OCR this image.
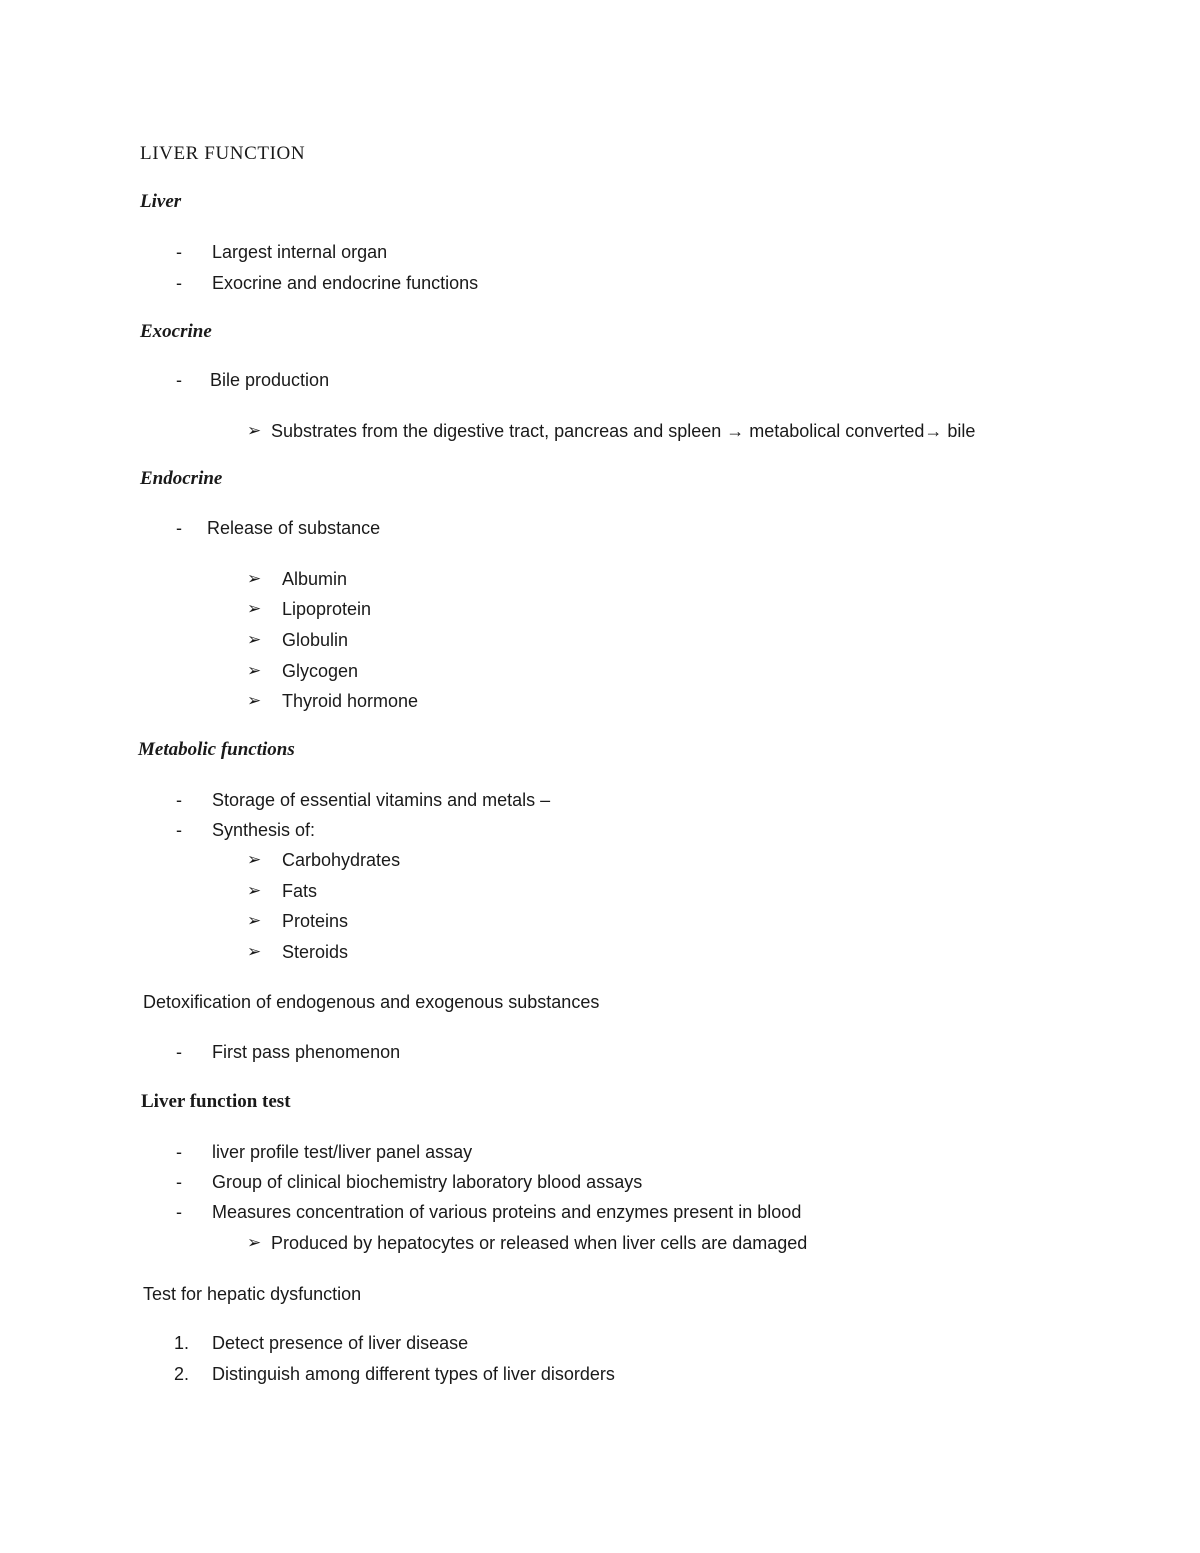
LIVER FUNCTION
Liver
- Largest internal organ
- Exocrine and endocrine functions
Exocrine
- Bile production
➢ Substrates from the digestive tract, pancreas and spleen → metabolical converted→ bile
Endocrine
- Release of substance
➢ Albumin
➢ Lipoprotein
➢ Globulin
➢ Glycogen
➢ Thyroid hormone
Metabolic functions
- Storage of essential vitamins and metals –
- Synthesis of:
➢ Carbohydrates
➢ Fats
➢ Proteins
➢ Steroids
Detoxification of endogenous and exogenous substances
- First pass phenomenon
Liver function test
- liver profile test/liver panel assay
- Group of clinical biochemistry laboratory blood assays
- Measures concentration of various proteins and enzymes present in blood
➢ Produced by hepatocytes or released when liver cells are damaged
Test for hepatic dysfunction
1. Detect presence of liver disease
2. Distinguish among different types of liver disorders
